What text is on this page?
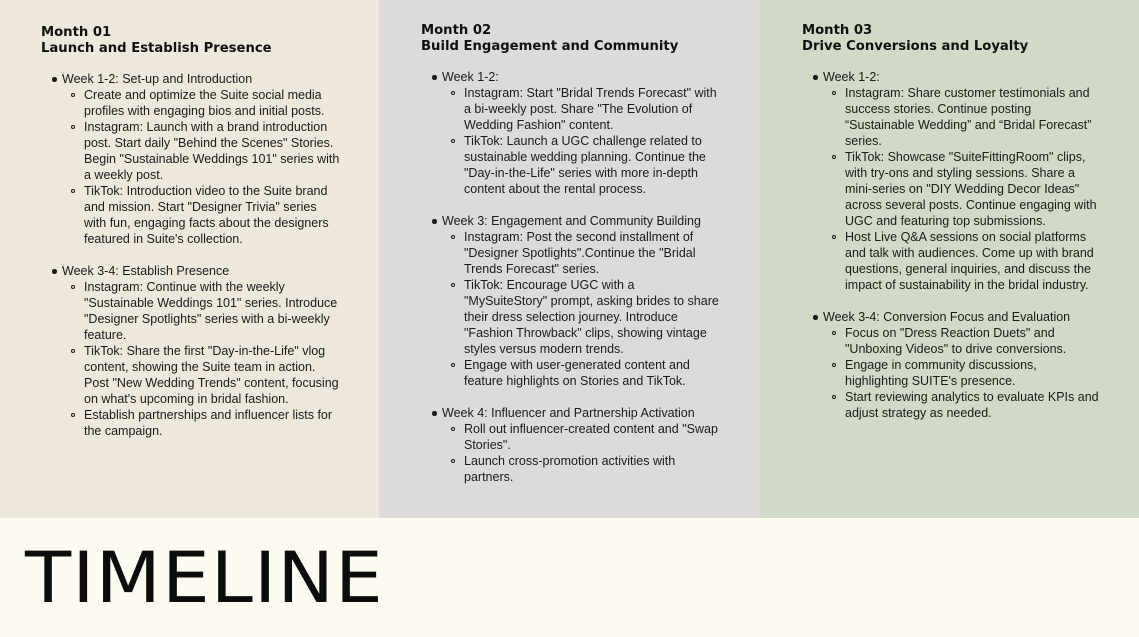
Month 01

Launch and Establish Presence

Week 1-2: Set-up and Introduction
Create and optimize the Suite social media profiles with engaging bios and initial posts.
Instagram: Launch with a brand introduction post. Start daily "Behind the Scenes" Stories. Begin "Sustainable Weddings 101" series with a weekly post.
TikTok: Introduction video to the Suite brand and mission. Start "Designer Trivia" series with fun, engaging facts about the designers featured in Suite's collection.
Week 3-4: Establish Presence
Instagram: Continue with the weekly "Sustainable Weddings 101" series. Introduce "Designer Spotlights" series with a bi-weekly feature.
TikTok: Share the first "Day-in-the-Life" vlog content, showing the Suite team in action. Post "New Wedding Trends" content, focusing on what's upcoming in bridal fashion.
Establish partnerships and influencer lists for the campaign.

Month 02

Build Engagement and Community

Week 1-2:
Instagram: Start "Bridal Trends Forecast" with a bi-weekly post. Share "The Evolution of Wedding Fashion" content.
TikTok: Launch a UGC challenge related to sustainable wedding planning. Continue the "Day-in-the-Life" series with more in-depth content about the rental process.
Week 3: Engagement and Community Building
Instagram: Post the second installment of "Designer Spotlights".Continue the "Bridal Trends Forecast" series.
TikTok: Encourage UGC with a "MySuiteStory" prompt, asking brides to share their dress selection journey. Introduce "Fashion Throwback" clips, showing vintage styles versus modern trends.
Engage with user-generated content and feature highlights on Stories and TikTok.
Week 4: Influencer and Partnership Activation
Roll out influencer-created content and "Swap Stories".
Launch cross-promotion activities with partners.

Month 03

Drive Conversions and Loyalty

Week 1-2:
Instagram: Share customer testimonials and success stories. Continue posting “Sustainable Wedding” and “Bridal Forecast” series.
TikTok: Showcase "SuiteFittingRoom" clips, with try-ons and styling sessions. Share a mini-series on "DIY Wedding Decor Ideas" across several posts. Continue engaging with UGC and featuring top submissions.
Host Live Q&A sessions on social platforms and talk with audiences. Come up with brand questions, general inquiries, and discuss the impact of sustainability in the bridal industry.
Week 3-4: Conversion Focus and Evaluation
Focus on "Dress Reaction Duets" and "Unboxing Videos" to drive conversions.
Engage in community discussions, highlighting SUITE's presence.
Start reviewing analytics to evaluate KPIs and adjust strategy as needed.
TIMELINE
